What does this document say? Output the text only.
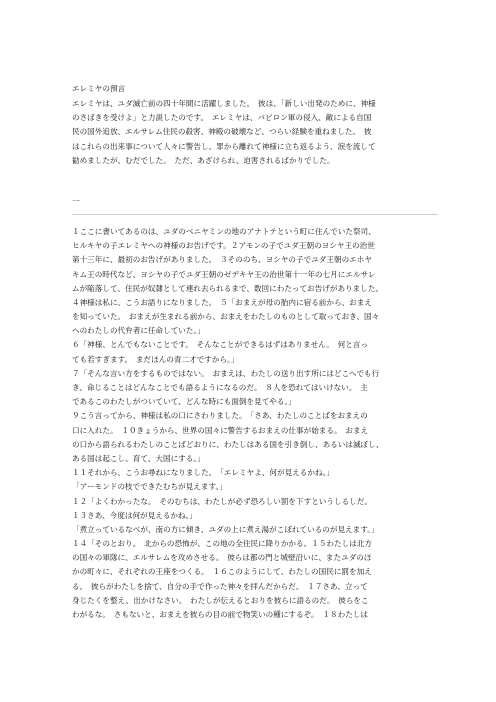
エレミヤの預言
エレミヤは、ユダ滅亡前の四十年間に活躍しました。　彼は、「新しい出発のために、神様
のさばきを受けよ」と力説したのです。　エレミヤは、バビロン軍の侵入、敵による自国
民の国外追放、エルサレム住民の殺害、神殿の破壊など、つらい経験を重ねました。　彼
はこれらの出来事について人々に警告し、罪から離れて神様に立ち返るよう、涙を流して
勧めましたが、むだでした。　ただ、あざけられ、迫害されるばかりでした。
一
１ここに書いてあるのは、ユダのベニヤミンの地のアナトテという町に住んでいた祭司、
ヒルキヤの子エレミヤへの神様のお告げです。２アモンの子でユダ王朝のヨシヤ王の治世
第十三年に、最初のお告げがありました。　３そののち、ヨシヤの子でユダ王朝のエホヤ
キム王の時代など、ヨシヤの子でユダ王朝のゼデキヤ王の治世第十一年の七月にエルサレ
ムが陥落して、住民が奴隷として連れ去られるまで、数回にわたってお告げがありました。
４神様は私に、こうお語りになりました。　５「おまえが母の胎内に宿る前から、おまえ
を知っていた。　おまえが生まれる前から、おまえをわたしのものとして取っておき、国々
へのわたしの代弁者に任命していた。」
６「神様、とんでもないことです。　そんなことができるはずはありません。　何と言っ
ても若すぎます。　まだほんの青二才ですから。」
７「そんな言い方をするものではない。　おまえは、わたしの送り出す所にはどこへでも行
き、命じることはどんなことでも語るようになるのだ。　８人を恐れてはいけない。　主
であるこのわたしがついていて、どんな時にも面倒を見てやる。」
９こう言ってから、神様は私の口にさわりました。　「さあ、わたしのことばをおまえの
口に入れた。　１０きょうから、世界の国々に警告するおまえの仕事が始まる。　おまえ
の口から語られるわたしのことばどおりに、わたしはある国を引き倒し、あるいは滅ぼし、
ある国は起こし、育て、大国にする。」
１１それから、こうお尋ねになりました。　「エレミヤよ、何が見えるかね。」
「アーモンドの枝でできたむちが見えます。」
１２「よくわかったな。　そのむちは、わたしが必ず恐ろしい罰を下すというしるしだ。
１３さあ、今度は何が見えるかね。」
「煮立っているなべが、南の方に傾き、ユダの上に煮え湯がこぼれているのが見えます。」
１４「そのとおり。　北からの恐怖が、この地の全住民に降りかかる。１５わたしは北方
の国々の軍隊に、エルサレムを攻めさせる。　彼らは都の門と城壁沿いに、またユダのほ
かの町々に、それぞれの王座をつくる。　１６このようにして、わたしの国民に罰を加え
る。　彼らがわたしを捨て、自分の手で作った神々を拝んだからだ。　１７さあ、立って
身じたくを整え、出かけなさい。　わたしが伝えるとおりを彼らに語るのだ。　彼らをこ
わがるな。　さもないと、おまえを彼らの目の前で物笑いの種にするぞ。　１８わたしは
